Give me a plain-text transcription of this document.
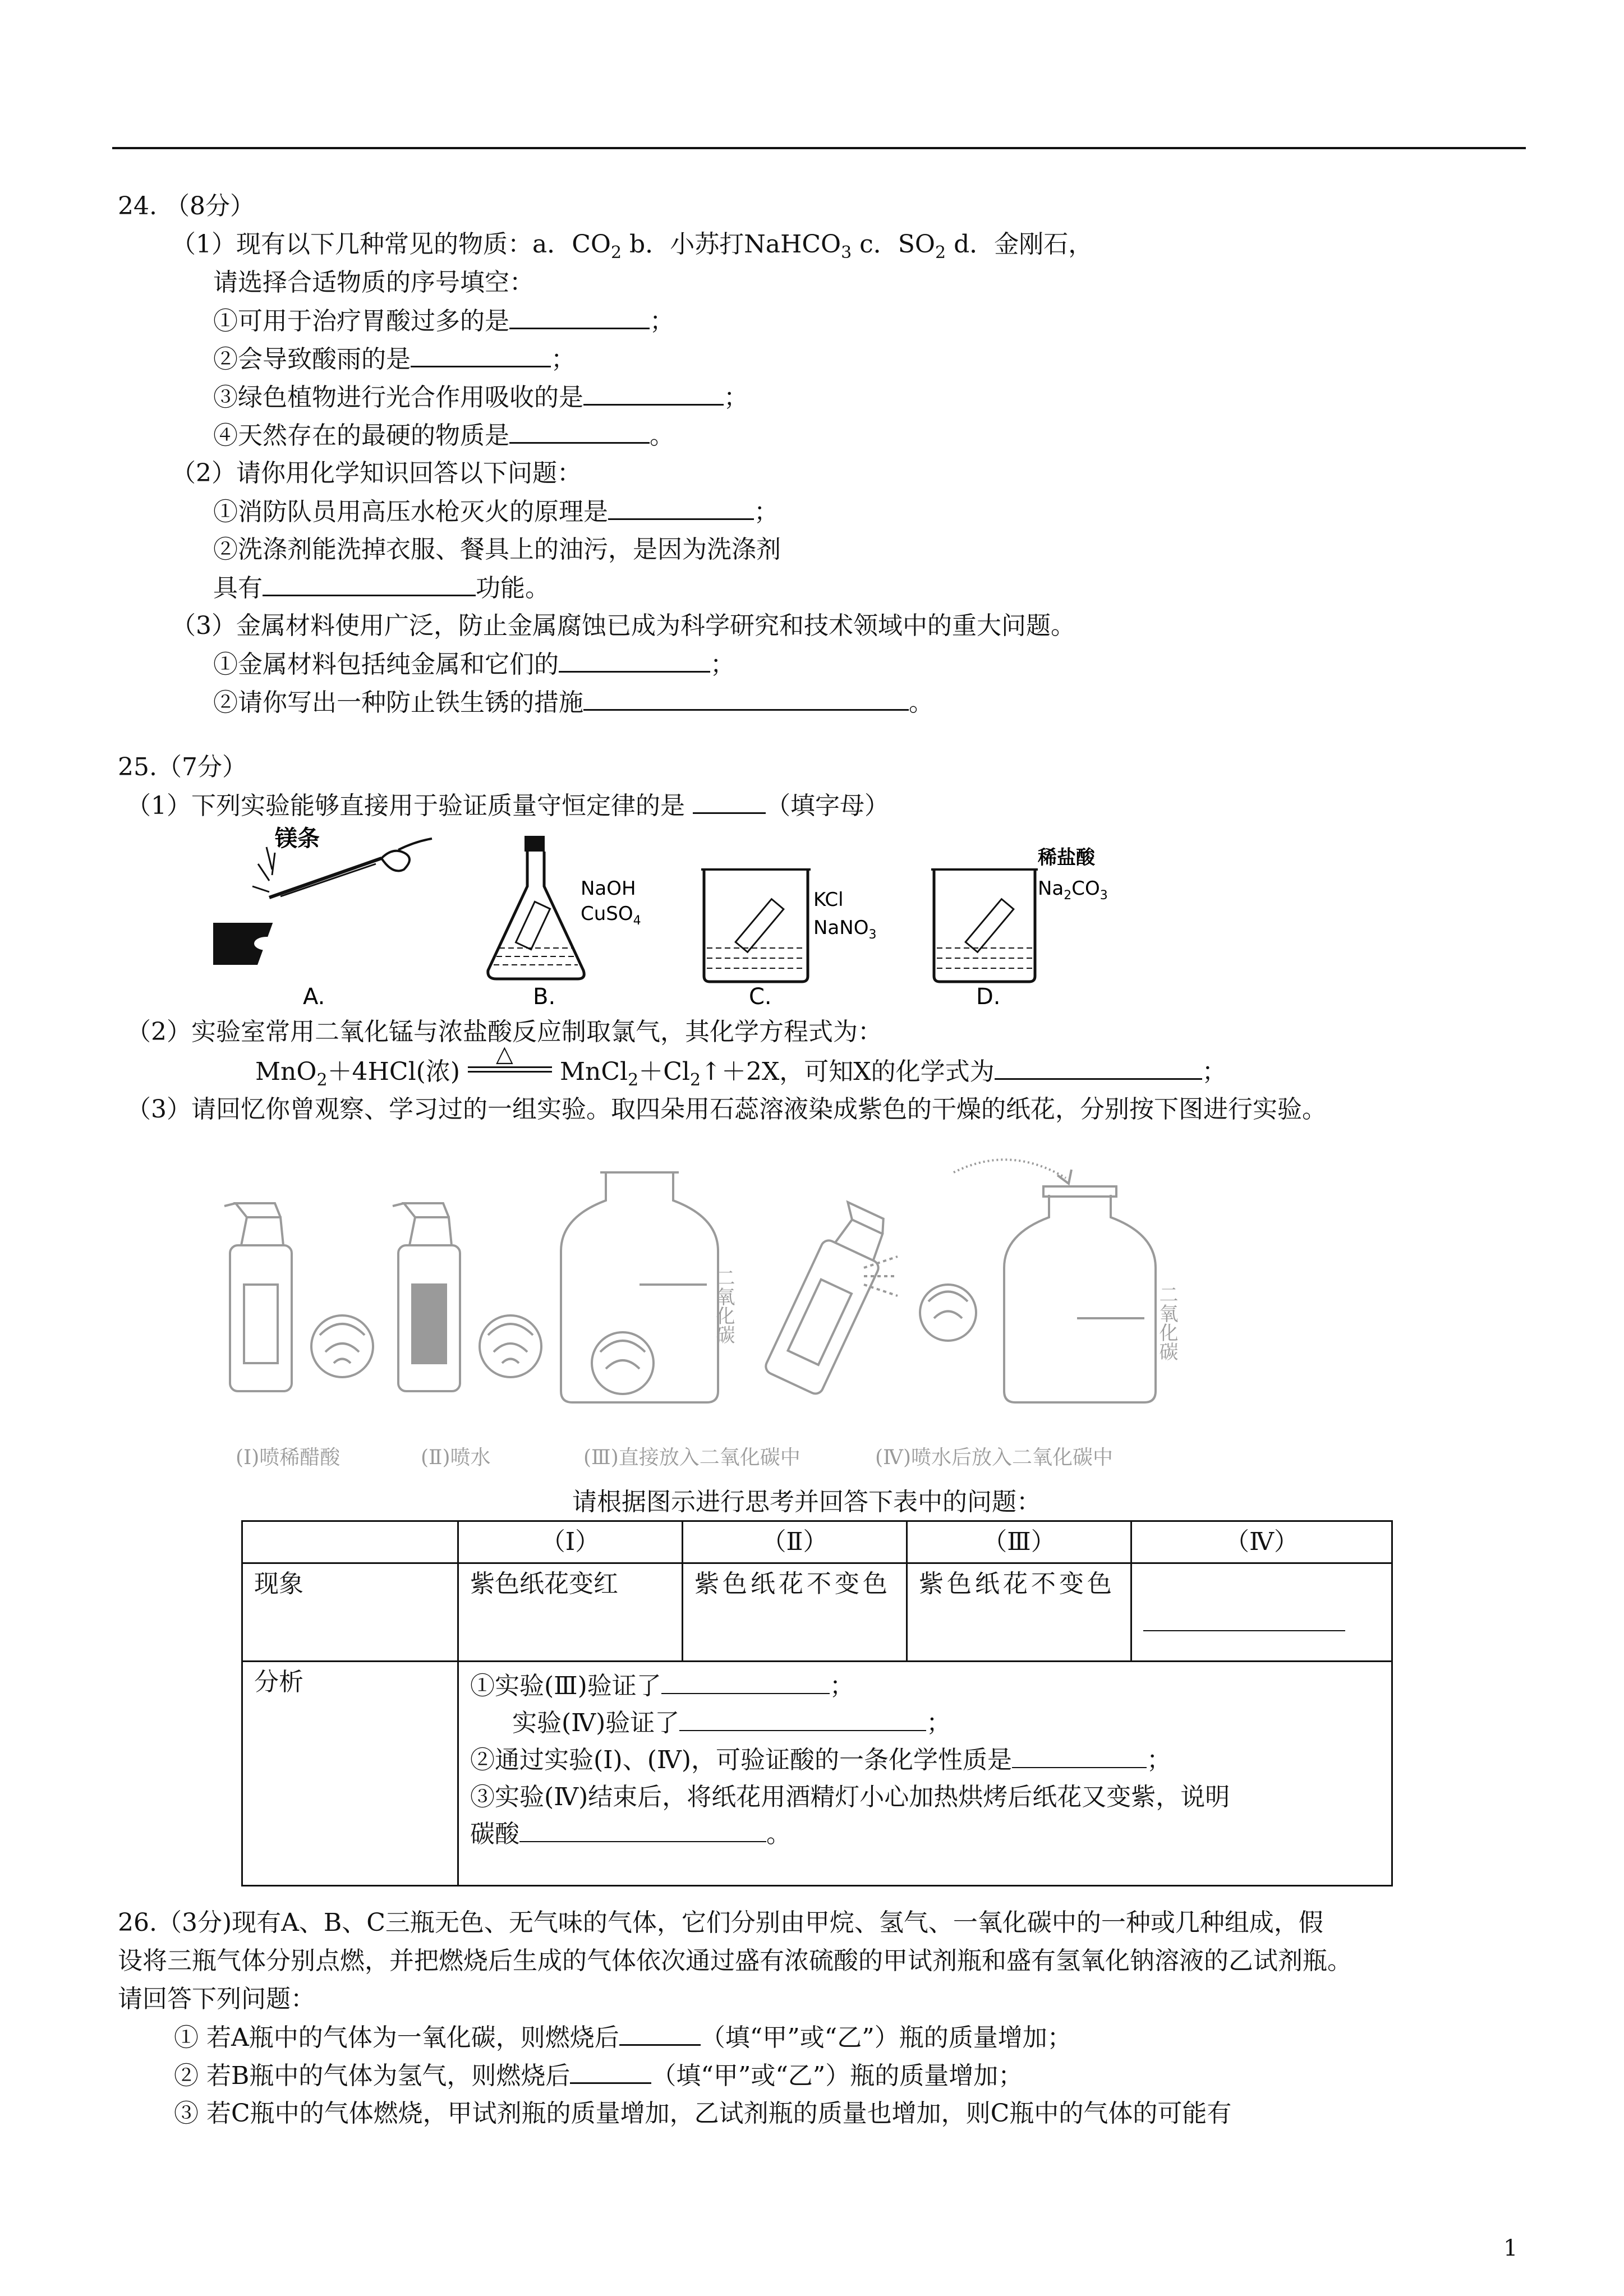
24. （8分）
（1）现有以下几种常见的物质：a．$CO_2$ b．小苏打NaHCO$_3$ c．$SO_2$ d．金刚石，
请选择合适物质的序号填空：
①可用于治疗胃酸过多的是	；
②会导致酸雨的是	；
③绿色植物进行光合作用吸收的是	；
④天然存在的最硬的物质是	。
（2）请你用化学知识回答以下问题：
①消防队员用高压水枪灭火的原理是	；
②洗涤剂能洗掉衣服、餐具上的油污，是因为洗涤剂
具有	功能。
（3）金属材料使用广泛，防止金属腐蚀已成为科学研究和技术领域中的重大问题。
①金属材料包括纯金属和它们的	；
②请你写出一种防止铁生锈的措施	。
25.（7分）
（1）下列实验能够直接用于验证质量守恒定律的是	（填字母）
镁条
A.
NaOH
CuSO$_4$
B.
KCl
NaNO$_3$
C.
稀盐酸
$Na_2CO_3$
D.
（2）实验室常用二氧化锰与浓盐酸反应制取氯气，其化学方程式为：
MnO$_2$＋4HCl(浓)
△
$MnCl_2+Cl_2↑+2X$，可知X的化学式为	；
（3）请回忆你曾观察、学习过的一组实验。取四朵用石蕊溶液染成紫色的干燥的纸花，分别按下图进行实验。
二氧化碳	二氧化碳
(Ⅰ)喷稀醋酸	(Ⅱ)喷水	(Ⅲ)直接放入二氧化碳中	(Ⅳ)喷水后放入二氧化碳中
请根据图示进行思考并回答下表中的问题：
	（Ⅰ）	（Ⅱ）	（Ⅲ）	（Ⅳ）
现象	紫色纸花变红	紫色纸花不变色	紫色纸花不变色	
分析	①实验(Ⅲ)验证了 ；
实验(Ⅳ)验证了 ；
②通过实验(Ⅰ)、(Ⅳ)，可验证酸的一条化学性质是 ；
③实验(Ⅳ)结束后，将纸花用酒精灯小心加热烘烤后纸花又变紫，说明
碳酸 。			
26.（3分)现有A、B、C三瓶无色、无气味的气体，它们分别由甲烷、氢气、一氧化碳中的一种或几种组成，假
设将三瓶气体分别点燃，并把燃烧后生成的气体依次通过盛有浓硫酸的甲试剂瓶和盛有氢氧化钠溶液的乙试剂瓶。
请回答下列问题：
① 若A瓶中的气体为一氧化碳，则燃烧后	（填“甲”或“乙”）瓶的质量增加；
② 若B瓶中的气体为氢气，则燃烧后	（填“甲”或“乙”）瓶的质量增加；
③ 若C瓶中的气体燃烧，甲试剂瓶的质量增加，乙试剂瓶的质量也增加，则C瓶中的气体的可能有
1
